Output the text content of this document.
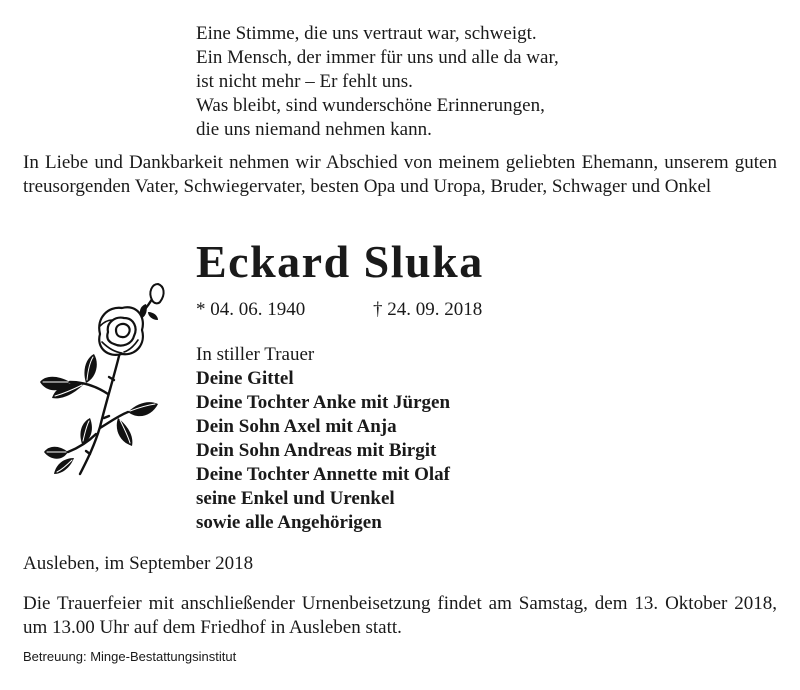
Eine Stimme, die uns vertraut war, schweigt.
Ein Mensch, der immer für uns und alle da war,
ist nicht mehr – Er fehlt uns.
Was bleibt, sind wunderschöne Erinnerungen,
die uns niemand nehmen kann.
In Liebe und Dankbarkeit nehmen wir Abschied von meinem geliebten Ehemann, unserem guten treusorgenden Vater, Schwiegervater, besten Opa und Uropa, Bruder, Schwager und Onkel
Eckard Sluka
* 04. 06. 1940	† 24. 09. 2018
In stiller Trauer
Deine Gittel
Deine Tochter Anke mit Jürgen
Dein Sohn Axel mit Anja
Dein Sohn Andreas mit Birgit
Deine Tochter Annette mit Olaf
seine Enkel und Urenkel
sowie alle Angehörigen
Ausleben, im September 2018
Die Trauerfeier mit anschließender Urnenbeisetzung findet am Samstag, dem 13. Oktober 2018, um 13.00 Uhr auf dem Friedhof in Ausleben statt.
Betreuung: Minge-Bestattungsinstitut
